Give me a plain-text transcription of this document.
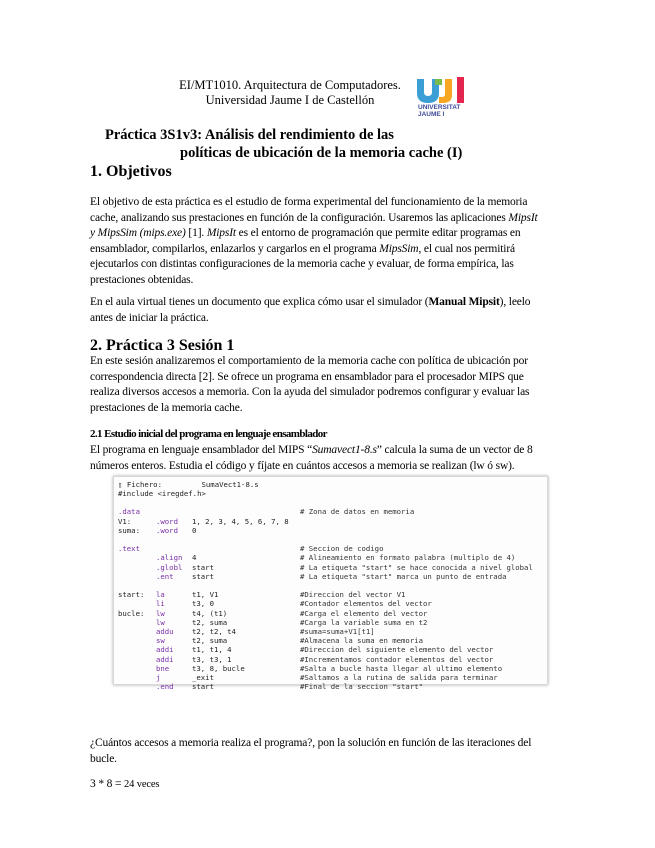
EI/MT1010. Arquitectura de Computadores.
Universidad Jaume I de Castellón
UNIVERSITAT
JAUME I
Práctica 3S1v3: Análisis del rendimiento de las
políticas de ubicación de la memoria cache (I)
1. Objetivos
El objetivo de esta práctica es el estudio de forma experimental del funcionamiento de la memoria
cache, analizando sus prestaciones en función de la configuración. Usaremos las aplicaciones MipsIt
y MipsSim (mips.exe) [1]. MipsIt es el entorno de programación que permite editar programas en
ensamblador, compilarlos, enlazarlos y cargarlos en el programa MipsSim, el cual nos permitirá
ejecutarlos con distintas configuraciones de la memoria cache y evaluar, de forma empírica, las
prestaciones obtenidas.
En el aula virtual tienes un documento que explica cómo usar el simulador (Manual Mipsit), leelo
antes de iniciar la práctica.
2. Práctica 3 Sesión 1
En este sesión analizaremos el comportamiento de la memoria cache con política de ubicación por
correspondencia directa [2]. Se ofrece un programa en ensamblador para el procesador MIPS que
realiza diversos accesos a memoria. Con la ayuda del simulador podremos configurar y evaluar las
prestaciones de la memoria cache.
2.1 Estudio inicial del programa en lenguaje ensamblador
El programa en lenguaje ensamblador del MIPS “Sumavect1-8.s” calcula la suma de un vector de 8
números enteros. Estudia el código y fíjate en cuántos accesos a memoria se realizan (lw ó sw).
▯ Fichero:	SumaVect1-8.s
#include <iregdef.h>
.data	# Zona de datos en memoria
V1:	.word 1, 2, 3, 4, 5, 6, 7, 8
suma: .word 0
.text	# Seccion de codigo
.align 4	# Alineamiento en formato palabra (multiplo de 4)
.globl start	# La etiqueta "start" se hace conocida a nivel global
.ent	start	# La etiqueta "start" marca un punto de entrada
start: la	t1, V1	#Direccion del vector V1
li	t3, 0	#Contador elementos del vector
bucle: lw	t4, (t1)	#Carga el elemento del vector
lw	t2, suma	#Carga la variable suma en t2
addu	t2, t2, t4	#suma=suma+V1[t1]
sw	t2, suma	#Almacena la suma en memoria
addi	t1, t1, 4	#Direccion del siguiente elemento del vector
addi	t3, t3, 1	#Incrementamos contador elementos del vector
bne	t3, 8, bucle	#Salta a bucle hasta llegar al ultimo elemento
j	_exit	#Saltamos a la rutina de salida para terminar
.end	start	#Final de la seccion "start"
¿Cuántos accesos a memoria realiza el programa?, pon la solución en función de las iteraciones del
bucle.
3 * 8 = 24 veces
